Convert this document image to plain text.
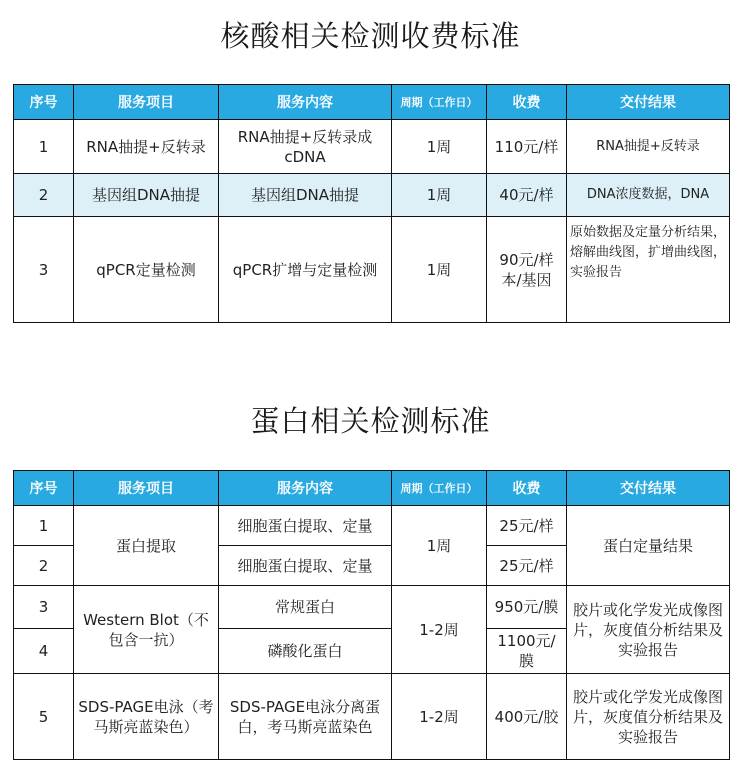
核酸相关检测收费标准
序号	服务项目	服务内容	周期（工作日）	收费	交付结果
1	RNA抽提+反转录	RNA抽提+反转录成cDNA	1周	110元/样	RNA抽提+反转录
2	基因组DNA抽提	基因组DNA抽提	1周	40元/样	DNA浓度数据，DNA
3	qPCR定量检测	qPCR扩增与定量检测	1周	90元/样本/基因	原始数据及定量分析结果，熔解曲线图，扩增曲线图，实验报告
蛋白相关检测标准
序号	服务项目	服务内容	周期（工作日）	收费	交付结果
1	蛋白提取	细胞蛋白提取、定量	1周	25元/样	蛋白定量结果
2		细胞蛋白提取、定量		25元/样	
3	Western Blot（不包含一抗）	常规蛋白	1-2周	950元/膜	胶片或化学发光成像图片，灰度值分析结果及实验报告
4		磷酸化蛋白		1100元/膜	
5	SDS-PAGE电泳（考马斯亮蓝染色）	SDS-PAGE电泳分离蛋白，考马斯亮蓝染色	1-2周	400元/胶	胶片或化学发光成像图片，灰度值分析结果及实验报告
